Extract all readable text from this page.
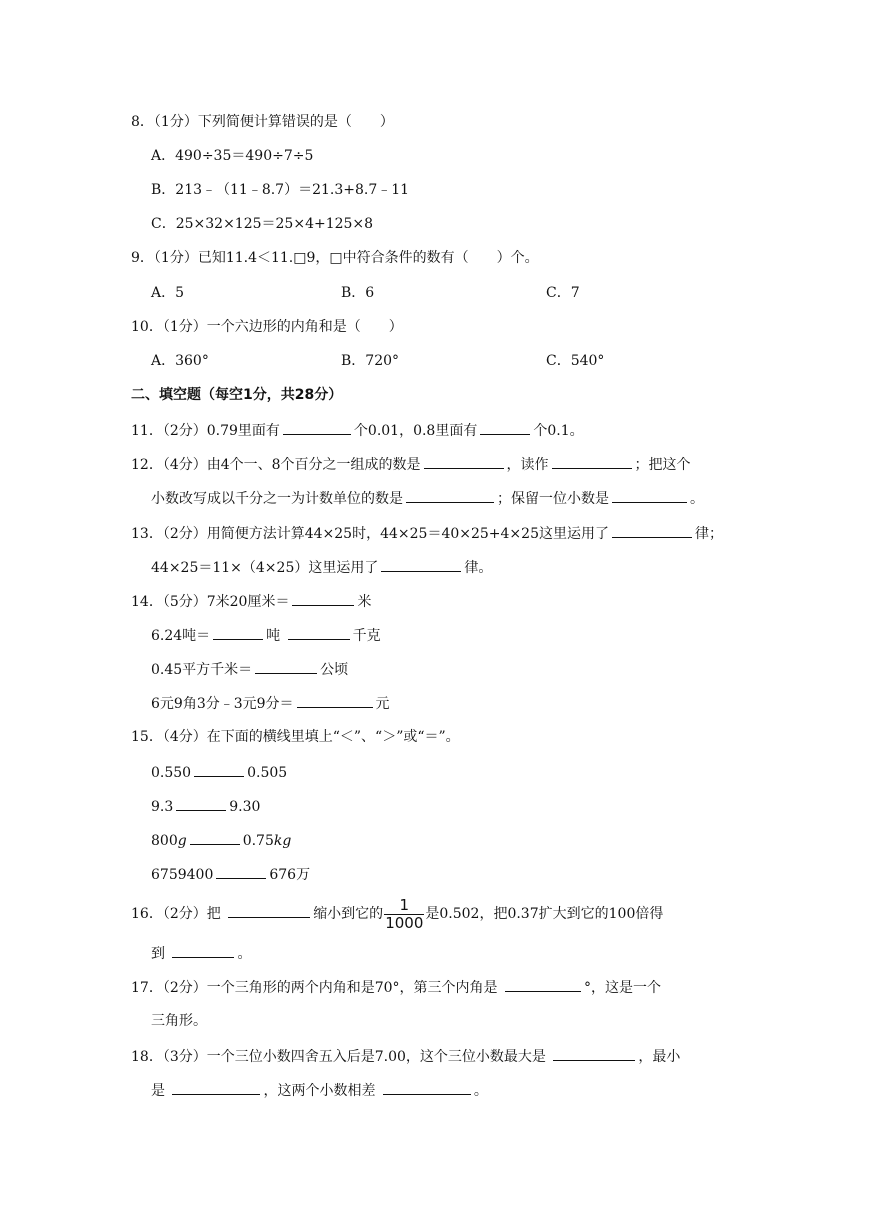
8．（1分）下列简便计算错误的是（　　）
A．490÷35＝490÷7÷5
B．213﹣（11﹣8.7）＝21.3+8.7﹣11
C．25×32×125＝25×4+125×8
9．（1分）已知11.4＜11.□9，□中符合条件的数有（　　）个。
A．5	B．6	C．7
10．（1分）一个六边形的内角和是（　　）
A．360°	B．720°	C．540°
二、填空题（每空1分，共28分）
11．（2分）0.79里面有	个0.01，0.8里面有	个0.1。
12．（4分）由4个一、8个百分之一组成的数是	，读作	；把这个
小数改写成以千分之一为计数单位的数是	；保留一位小数是	。
13．（2分）用简便方法计算44×25时，44×25＝40×25+4×25这里运用了	律；
44×25＝11×（4×25）这里运用了	律。
14．（5分）7米20厘米＝	米
6.24吨＝	吨	千克
0.45平方千米＝	公顷
6元9角3分﹣3元9分＝	元
15．（4分）在下面的横线里填上“＜”、“＞”或“＝”。
0.550	0.505
9.3	9.30
800g	0.75kg
6759400	676万
16．（2分）把	缩小到它的 $\frac{1}{1000}$ 是0.502，把0.37扩大到它的100倍得
到	。
17．（2分）一个三角形的两个内角和是70°，第三个内角是	°，这是一个
三角形。
18．（3分）一个三位小数四舍五入后是7.00，这个三位小数最大是	，最小
是	，这两个小数相差	。
